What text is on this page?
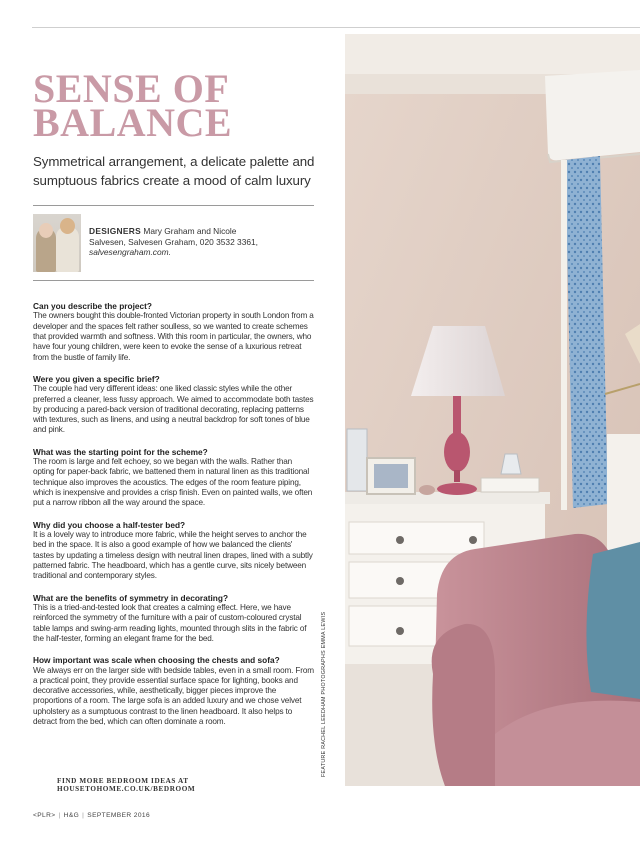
SENSE OF BALANCE

Symmetrical arrangement, a delicate palette and sumptuous fabrics create a mood of calm luxury

DESIGNERS Mary Graham and Nicole Salvesen, Salvesen Graham, 020 3532 3361,
salvesengraham.com.

Can you describe the project?

The owners bought this double-fronted Victorian property in south London from a developer and the spaces felt rather soulless, so we wanted to create schemes that provided warmth and softness. With this room in particular, the owners, who have four young children, were keen to evoke the sense of a luxurious retreat from the bustle of family life.

Were you given a specific brief?

The couple had very different ideas: one liked classic styles while the other preferred a cleaner, less fussy approach. We aimed to accommodate both tastes by producing a pared-back version of traditional decorating, replacing patterns with textures, such as linens, and using a neutral backdrop for soft tones of blue and pink.

What was the starting point for the scheme?

The room is large and felt echoey, so we began with the walls. Rather than opting for paper-back fabric, we battened them in natural linen as this traditional technique also improves the acoustics. The edges of the room feature piping, which is inexpensive and provides a crisp finish. Even on painted walls, we often put a narrow ribbon all the way around the space.

Why did you choose a half-tester bed?

It is a lovely way to introduce more fabric, while the height serves to anchor the bed in the space. It is also a good example of how we balanced the clients' tastes by updating a timeless design with neutral linen drapes, lined with a subtly patterned fabric. The headboard, which has a gentle curve, sits nicely between traditional and contemporary styles.

What are the benefits of symmetry in decorating?

This is a tried-and-tested look that creates a calming effect. Here, we have reinforced the symmetry of the furniture with a pair of custom-coloured crystal table lamps and swing-arm reading lights, mounted through slits in the fabric of the half-tester, forming an elegant frame for the bed.

How important was scale when choosing the chests and sofa?

We always err on the larger side with bedside tables, even in a small room. From a practical point, they provide essential surface space for lighting, books and decorative accessories, while, aesthetically, bigger pieces improve the proportions of a room. The large sofa is an added luxury and we chose velvet upholstery as a sumptuous contrast to the linen headboard. It also helps to detract from the bed, which can often dominate a room.

FIND MORE BEDROOM IDEAS AT HOUSETOHOME.CO.UK/BEDROOM
<PLR> | H&G | SEPTEMBER 2016
FEATURE RACHEL LEEDHAM PHOTOGRAPHS EMMA LEWIS
